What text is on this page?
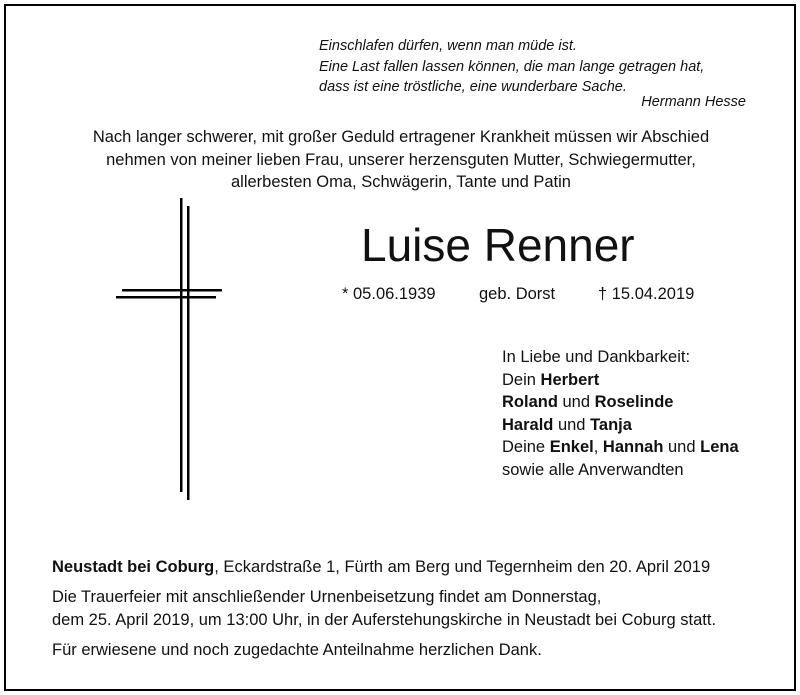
Einschlafen dürfen, wenn man müde ist.
Eine Last fallen lassen können, die man lange getragen hat,
dass ist eine tröstliche, eine wunderbare Sache.
Hermann Hesse
Nach langer schwerer, mit großer Geduld ertragener Krankheit müssen wir Abschied
nehmen von meiner lieben Frau, unserer herzensguten Mutter, Schwiegermutter,
allerbesten Oma, Schwägerin, Tante und Patin
Luise Renner
* 05.06.1939	geb. Dorst	† 15.04.2019
In Liebe und Dankbarkeit:
Dein Herbert
Roland und Roselinde
Harald und Tanja
Deine Enkel, Hannah und Lena
sowie alle Anverwandten
Neustadt bei Coburg, Eckardstraße 1, Fürth am Berg und Tegernheim den 20. April 2019
Die Trauerfeier mit anschließender Urnenbeisetzung findet am Donnerstag,
dem 25. April 2019, um 13:00 Uhr, in der Auferstehungskirche in Neustadt bei Coburg statt.
Für erwiesene und noch zugedachte Anteilnahme herzlichen Dank.
